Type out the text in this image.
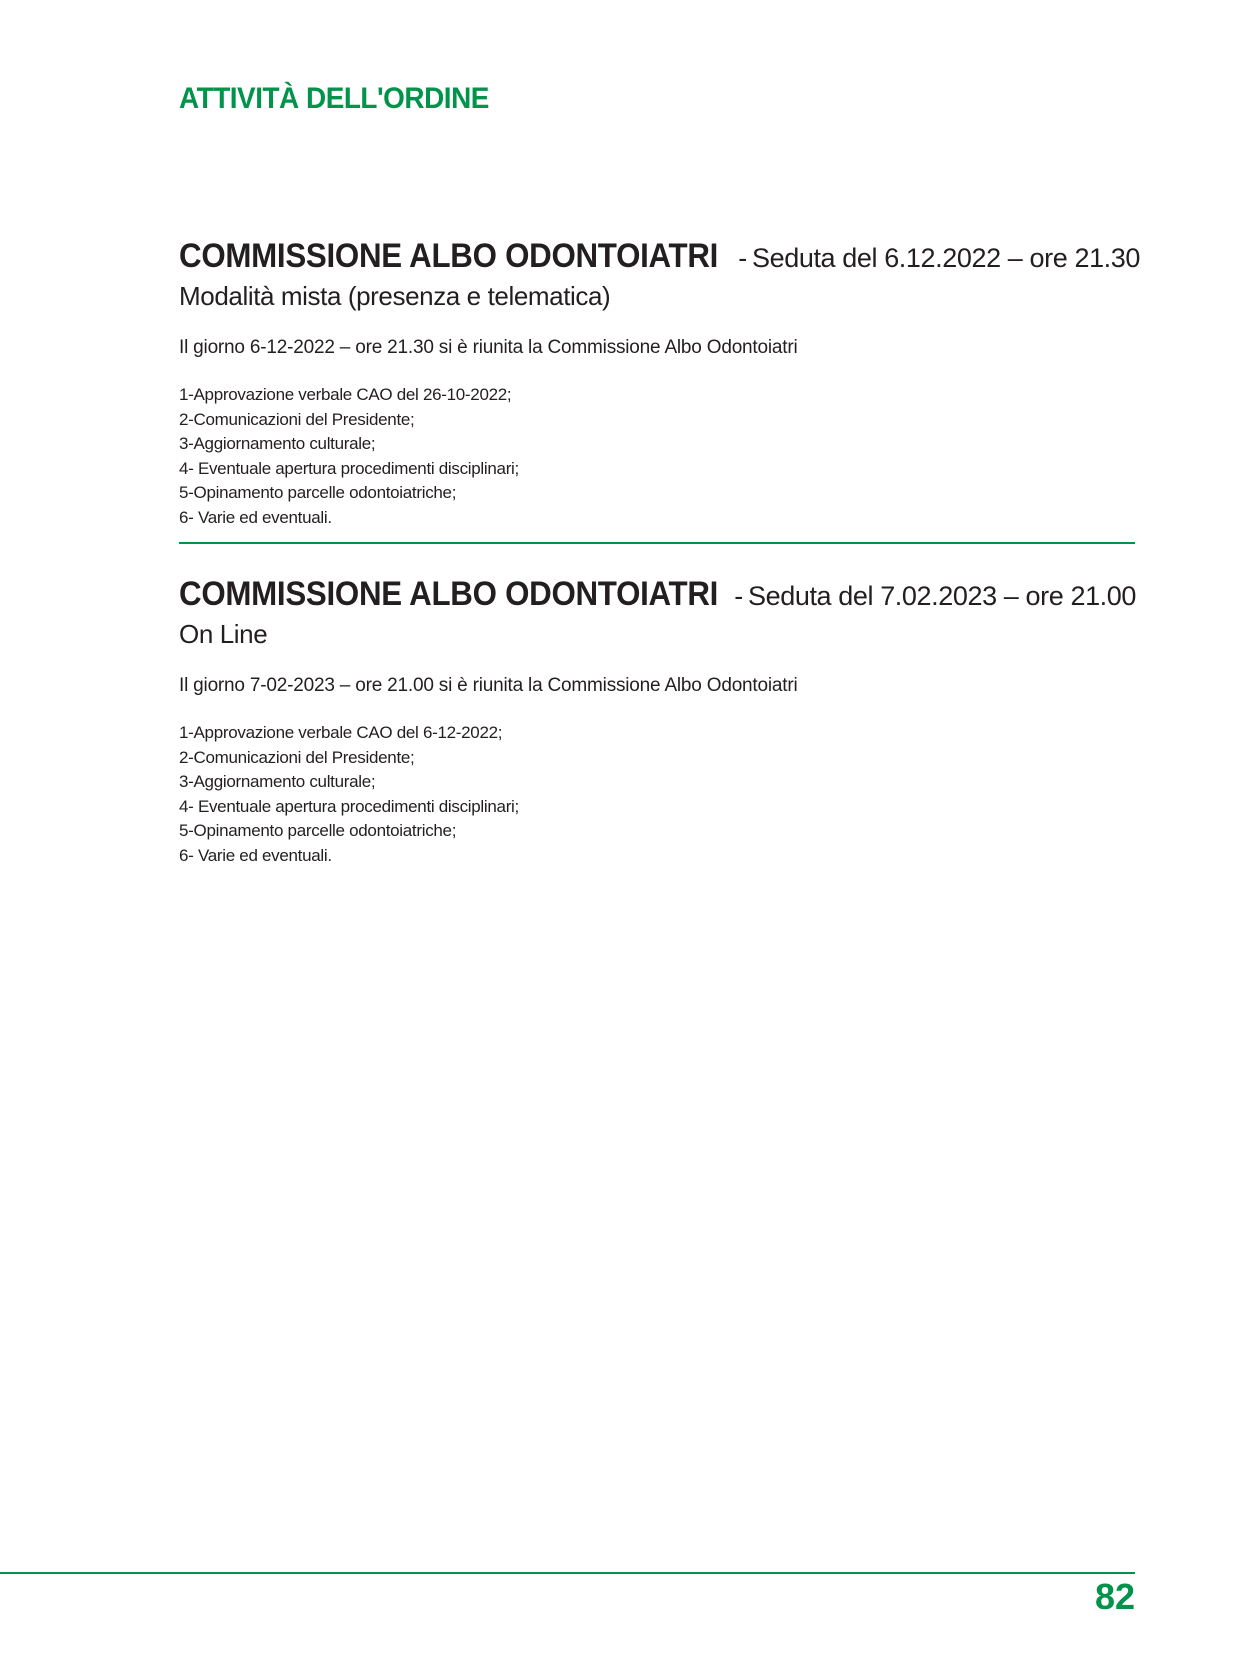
ATTIVITÀ DELL'ORDINE
COMMISSIONE ALBO ODONTOIATRI - Seduta del 6.12.2022 – ore 21.30

Modalità mista (presenza e telematica)

Il giorno 6-12-2022 – ore 21.30 si è riunita la Commissione Albo Odontoiatri

1-Approvazione verbale CAO del 26-10-2022;
2-Comunicazioni del Presidente;
3-Aggiornamento culturale;
4- Eventuale apertura procedimenti disciplinari;
5-Opinamento parcelle odontoiatriche;
6- Varie ed eventuali.
COMMISSIONE ALBO ODONTOIATRI - Seduta del 7.02.2023 – ore 21.00

On Line

Il giorno 7-02-2023 – ore 21.00 si è riunita la Commissione Albo Odontoiatri

1-Approvazione verbale CAO del 6-12-2022;
2-Comunicazioni del Presidente;
3-Aggiornamento culturale;
4- Eventuale apertura procedimenti disciplinari;
5-Opinamento parcelle odontoiatriche;
6- Varie ed eventuali.

82
